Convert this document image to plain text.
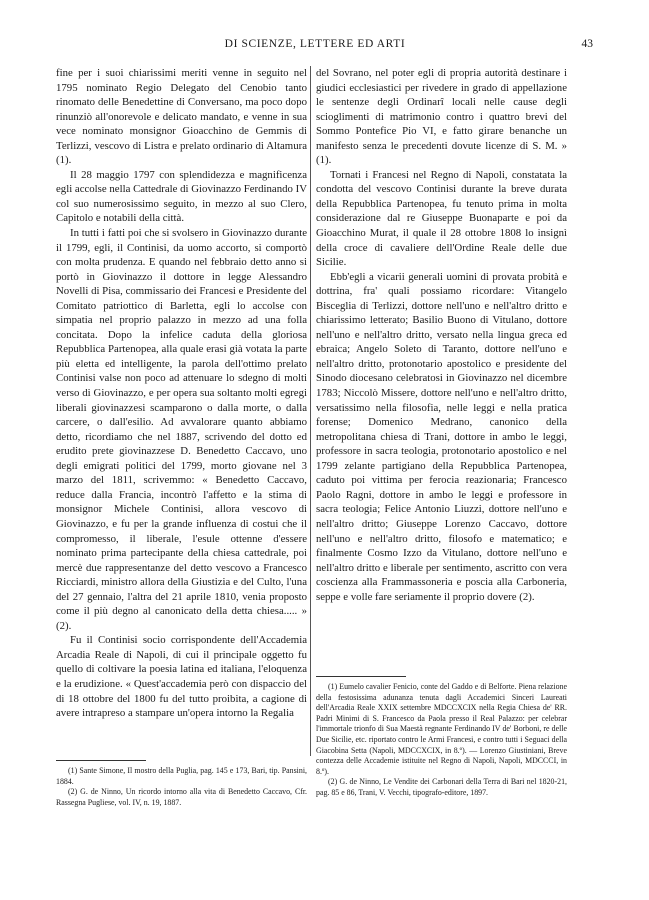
DI SCIENZE, LETTERE ED ARTI	43

fine per i suoi chiarissimi meriti venne in seguito nel 1795 nominato Regio Delegato del Cenobio tanto rinomato delle Benedettine di Conversano, ma poco dopo rinunziò all'onorevole e delicato mandato, e venne in sua vece nominato monsignor Gioacchino de Gemmis di Terlizzi, vescovo di Listra e prelato ordinario di Altamura (1).

Il 28 maggio 1797 con splendidezza e magnificenza egli accolse nella Cattedrale di Giovinazzo Ferdinando IV col suo numerosissimo seguito, in mezzo al suo Clero, Capitolo e notabili della città.

In tutti i fatti poi che si svolsero in Giovinazzo durante il 1799, egli, il Continisi, da uomo accorto, si comportò con molta prudenza. E quando nel febbraio detto anno si portò in Giovinazzo il dottore in legge Alessandro Novelli di Pisa, commissario dei Francesi e Presidente del Comitato patriottico di Barletta, egli lo accolse con simpatia nel proprio palazzo in mezzo ad una folla concitata. Dopo la infelice caduta della gloriosa Repubblica Partenopea, alla quale erasi già votata la parte più eletta ed intelligente, la parola dell'ottimo prelato Continisi valse non poco ad attenuare lo sdegno di molti verso di Giovinazzo, e per opera sua soltanto molti egregi liberali giovinazzesi scamparono o dalla morte, o dalla carcere, o dall'esilio. Ad avvalorare quanto abbiamo detto, ricordiamo che nel 1887, scrivendo del dotto ed erudito prete giovinazzese D. Benedetto Caccavo, uno degli emigrati politici del 1799, morto giovane nel 3 marzo del 1811, scrivemmo: « Benedetto Caccavo, reduce dalla Francia, incontrò l'affetto e la stima di monsignor Michele Continisi, allora vescovo di Giovinazzo, e fu per la grande influenza di costui che il compromesso, il liberale, l'esule ottenne d'essere nominato prima partecipante della chiesa cattedrale, poi mercè due rappresentanze del detto vescovo a Francesco Ricciardi, ministro allora della Giustizia e del Culto, l'una del 27 gennaio, l'altra del 21 aprile 1810, venia proposto come il più degno al canonicato della detta chiesa..... » (2).

Fu il Continisi socio corrispondente dell'Accademia Arcadia Reale di Napoli, di cui il principale oggetto fu quello di coltivare la poesia latina ed italiana, l'eloquenza e la erudizione. « Quest'accademia però con dispaccio del di 18 ottobre del 1800 fu del tutto proibita, a cagione di avere intrapreso a stampare un'opera intorno la Regalia

del Sovrano, nel poter egli di propria autorità destinare i giudici ecclesiastici per rivedere in grado di appellazione le sentenze degli Ordinarî locali nelle cause degli scioglimenti di matrimonio contro i quattro brevi del Sommo Pontefice Pio VI, e fatto girare benanche un manifesto senza le precedenti dovute licenze di S. M. » (1).

Tornati i Francesi nel Regno di Napoli, constatata la condotta del vescovo Continisi durante la breve durata della Repubblica Partenopea, fu tenuto prima in molta considerazione dal re Giuseppe Buonaparte e poi da Gioacchino Murat, il quale il 28 ottobre 1808 lo insignì della croce di cavaliere dell'Ordine Reale delle due Sicilie.

Ebb'egli a vicarii generali uomini di provata probità e dottrina, fra' quali possiamo ricordare: Vitangelo Bisceglia di Terlizzi, dottore nell'uno e nell'altro dritto e chiarissimo letterato; Basilio Buono di Vitulano, dottore nell'uno e nell'altro dritto, versato nella lingua greca ed ebraica; Angelo Soleto di Taranto, dottore nell'uno e nell'altro dritto, protonotario apostolico e presidente del Sinodo diocesano celebratosi in Giovinazzo nel dicembre 1783; Niccolò Missere, dottore nell'uno e nell'altro dritto, versatissimo nella filosofia, nelle leggi e nella pratica forense; Domenico Medrano, canonico della metropolitana chiesa di Trani, dottore in ambo le leggi, professore in sacra teologia, protonotario apostolico e nel 1799 zelante partigiano della Repubblica Partenopea, caduto poi vittima per ferocia reazionaria; Francesco Paolo Ragni, dottore in ambo le leggi e professore in sacra teologia; Felice Antonio Liuzzi, dottore nell'uno e nell'altro dritto; Giuseppe Lorenzo Caccavo, dottore nell'uno e nell'altro dritto, filosofo e matematico; e finalmente Cosmo Izzo da Vitulano, dottore nell'uno e nell'altro dritto e liberale per sentimento, ascritto con vera coscienza alla Frammassoneria e poscia alla Carboneria, seppe e volle fare seriamente il proprio dovere (2).

(1) Sante Simone, Il mostro della Puglia, pag. 145 e 173, Bari, tip. Pansini, 1884.

(2) G. de Ninno, Un ricordo intorno alla vita di Benedetto Caccavo, Cfr. Rassegna Pugliese, vol. IV, n. 19, 1887.

(1) Eumelo cavalier Fenicio, conte del Gaddo e di Belforte. Piena relazione della festosissima adunanza tenuta dagli Accademici Sinceri Laureati dell'Arcadia Reale XXIX settembre MDCCXCIX nella Regia Chiesa de' RR. Padri Minimi di S. Francesco da Paola presso il Real Palazzo: per celebrar l'immortale trionfo di Sua Maestà regnante Ferdinando IV de' Borboni, re delle Due Sicilie, etc. riportato contro le Armi Francesi, e contro tutti i Seguaci della Giacobina Setta (Napoli, MDCCXCIX, in 8.º). — Lorenzo Giustiniani, Breve contezza delle Accademie istituite nel Regno di Napoli, Napoli, MDCCCI, in 8.º).

(2) G. de Ninno, Le Vendite dei Carbonari della Terra di Bari nel 1820-21, pag. 85 e 86, Trani, V. Vecchi, tipografo-editore, 1897.
